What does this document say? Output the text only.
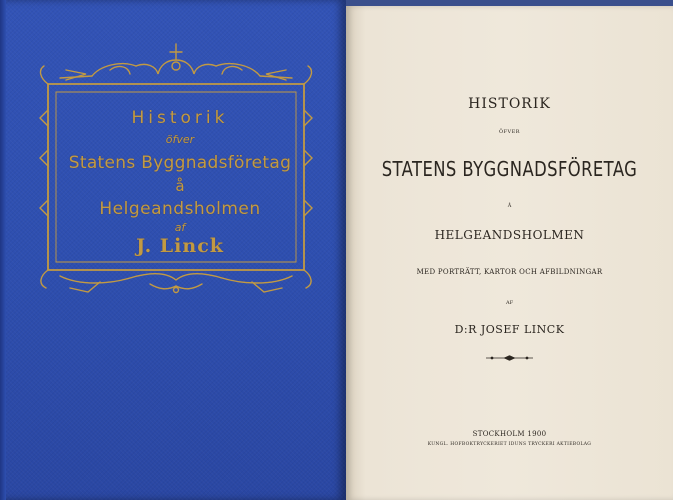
Historik
öfver
Statens Byggnadsföretag
å
Helgeandsholmen
af
J. Linck
HISTORIK
ÖFVER
STATENS BYGGNADSFÖRETAG
Å
HELGEANDSHOLMEN
MED PORTRÄTT, KARTOR OCH AFBILDNINGAR
AF
D:R JOSEF LINCK
STOCKHOLM 1900
KUNGL. HOFBOKTRYCKERIET IDUNS TRYCKERI AKTIEBOLAG
